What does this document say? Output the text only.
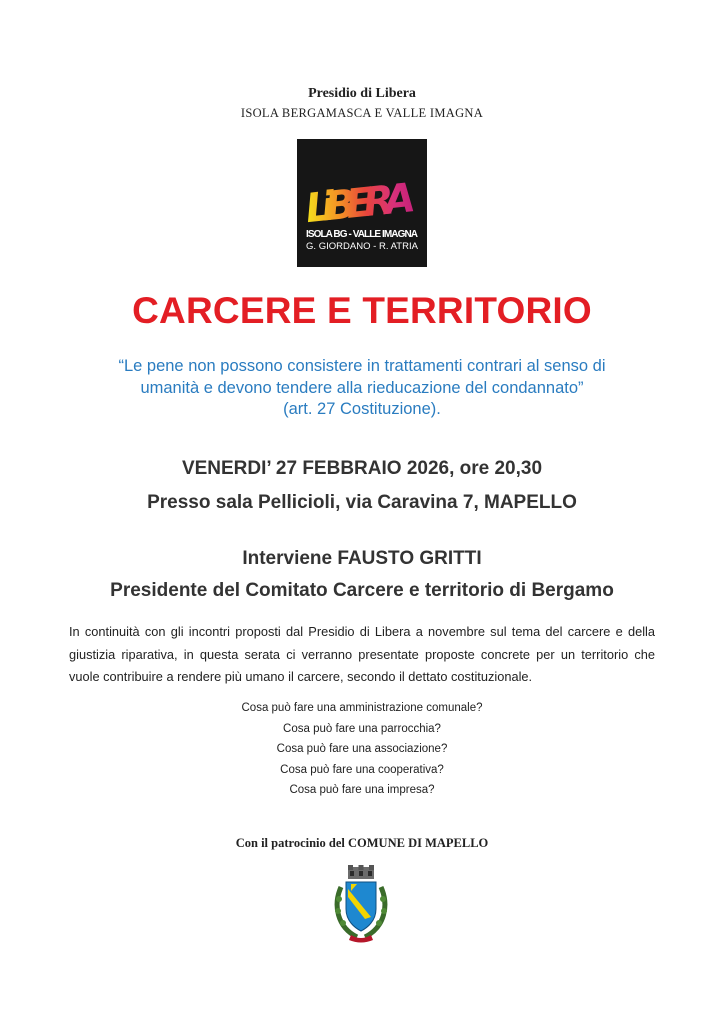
Presidio di Libera
ISOLA BERGAMASCA E VALLE IMAGNA
LiBERA
ISOLA BG - VALLE IMAGNA
G. GIORDANO - R. ATRIA
CARCERE E TERRITORIO
“Le pene non possono consistere in trattamenti contrari al senso di
umanità e devono tendere alla rieducazione del condannato”
(art. 27 Costituzione).
VENERDI’ 27 FEBBRAIO 2026, ore 20,30
Presso sala Pellicioli, via Caravina 7, MAPELLO
Interviene FAUSTO GRITTI
Presidente del Comitato Carcere e territorio di Bergamo
In continuità con gli incontri proposti dal Presidio di Libera a novembre sul tema del carcere e della giustizia riparativa, in questa serata ci verranno presentate proposte concrete per un territorio che vuole contribuire a rendere più umano il carcere, secondo il dettato costituzionale.
Cosa può fare una amministrazione comunale?
Cosa può fare una parrocchia?
Cosa può fare una associazione?
Cosa può fare una cooperativa?
Cosa può fare una impresa?
Con il patrocinio del COMUNE DI MAPELLO
